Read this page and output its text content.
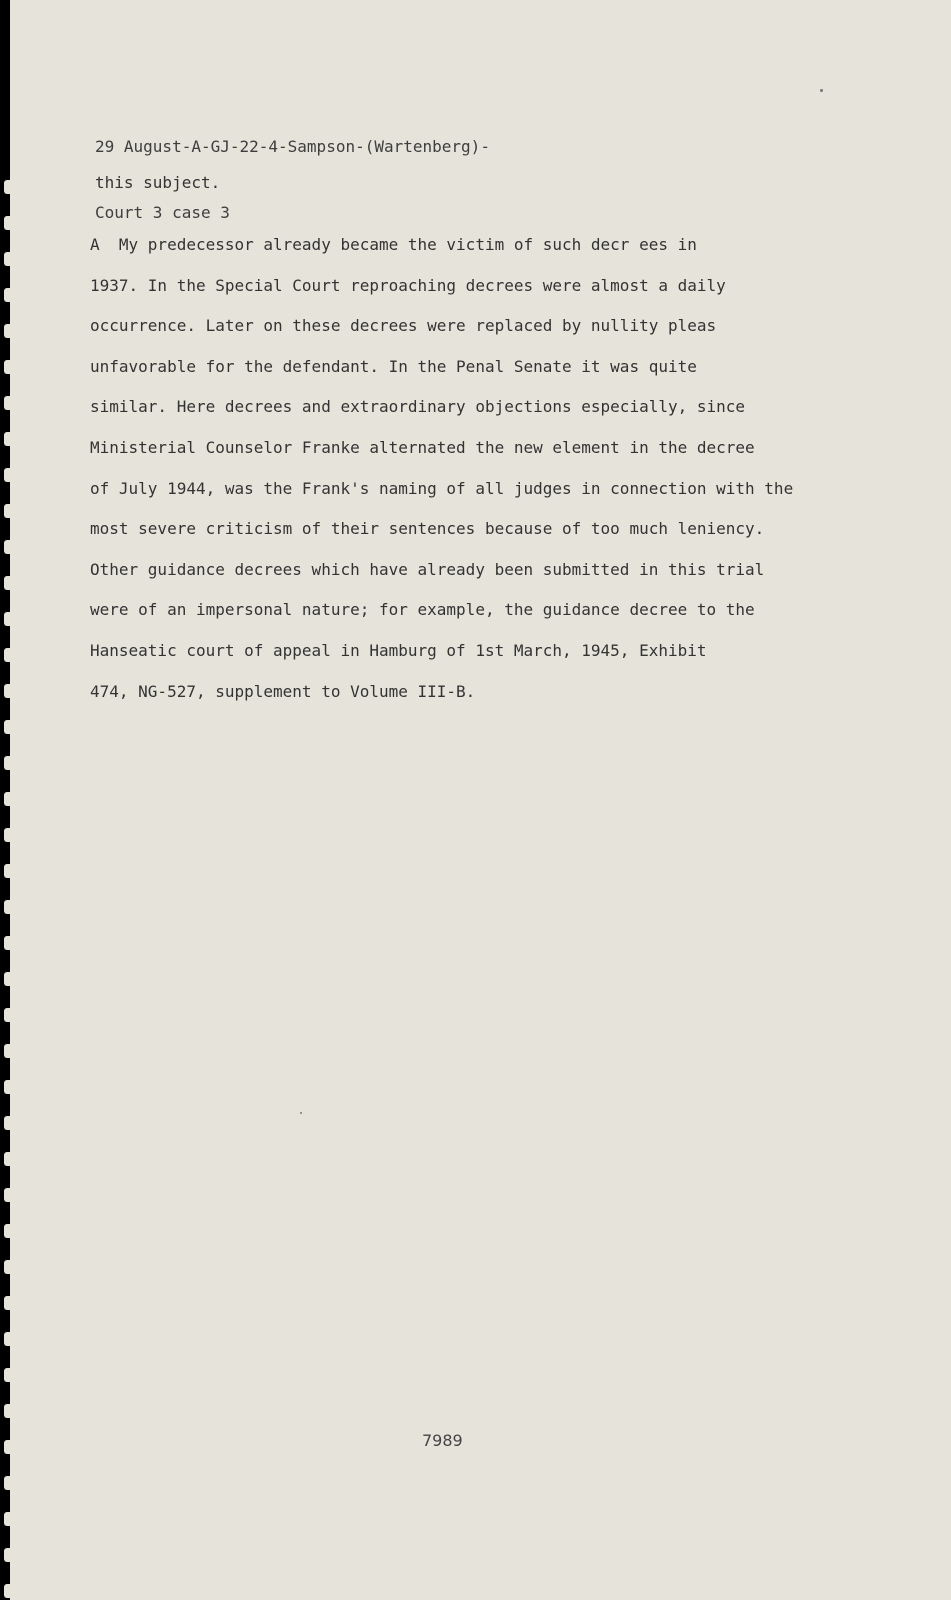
29 August-A-GJ-22-4-Sampson-(Wartenberg)-

Court 3 case 3

this subject.
A  My predecessor already became the victim of such decr ees in
1937. In the Special Court reproaching decrees were almost a daily
occurrence. Later on these decrees were replaced by nullity pleas
unfavorable for the defendant. In the Penal Senate it was quite
similar. Here decrees and extraordinary objections especially, since
Ministerial Counselor Franke alternated the new element in the decree
of July 1944, was the Frank's naming of all judges in connection with the
most severe criticism of their sentences because of too much leniency.
Other guidance decrees which have already been submitted in this trial
were of an impersonal nature; for example, the guidance decree to the
Hanseatic court of appeal in Hamburg of 1st March, 1945, Exhibit
474, NG-527, supplement to Volume III-B.
7989
